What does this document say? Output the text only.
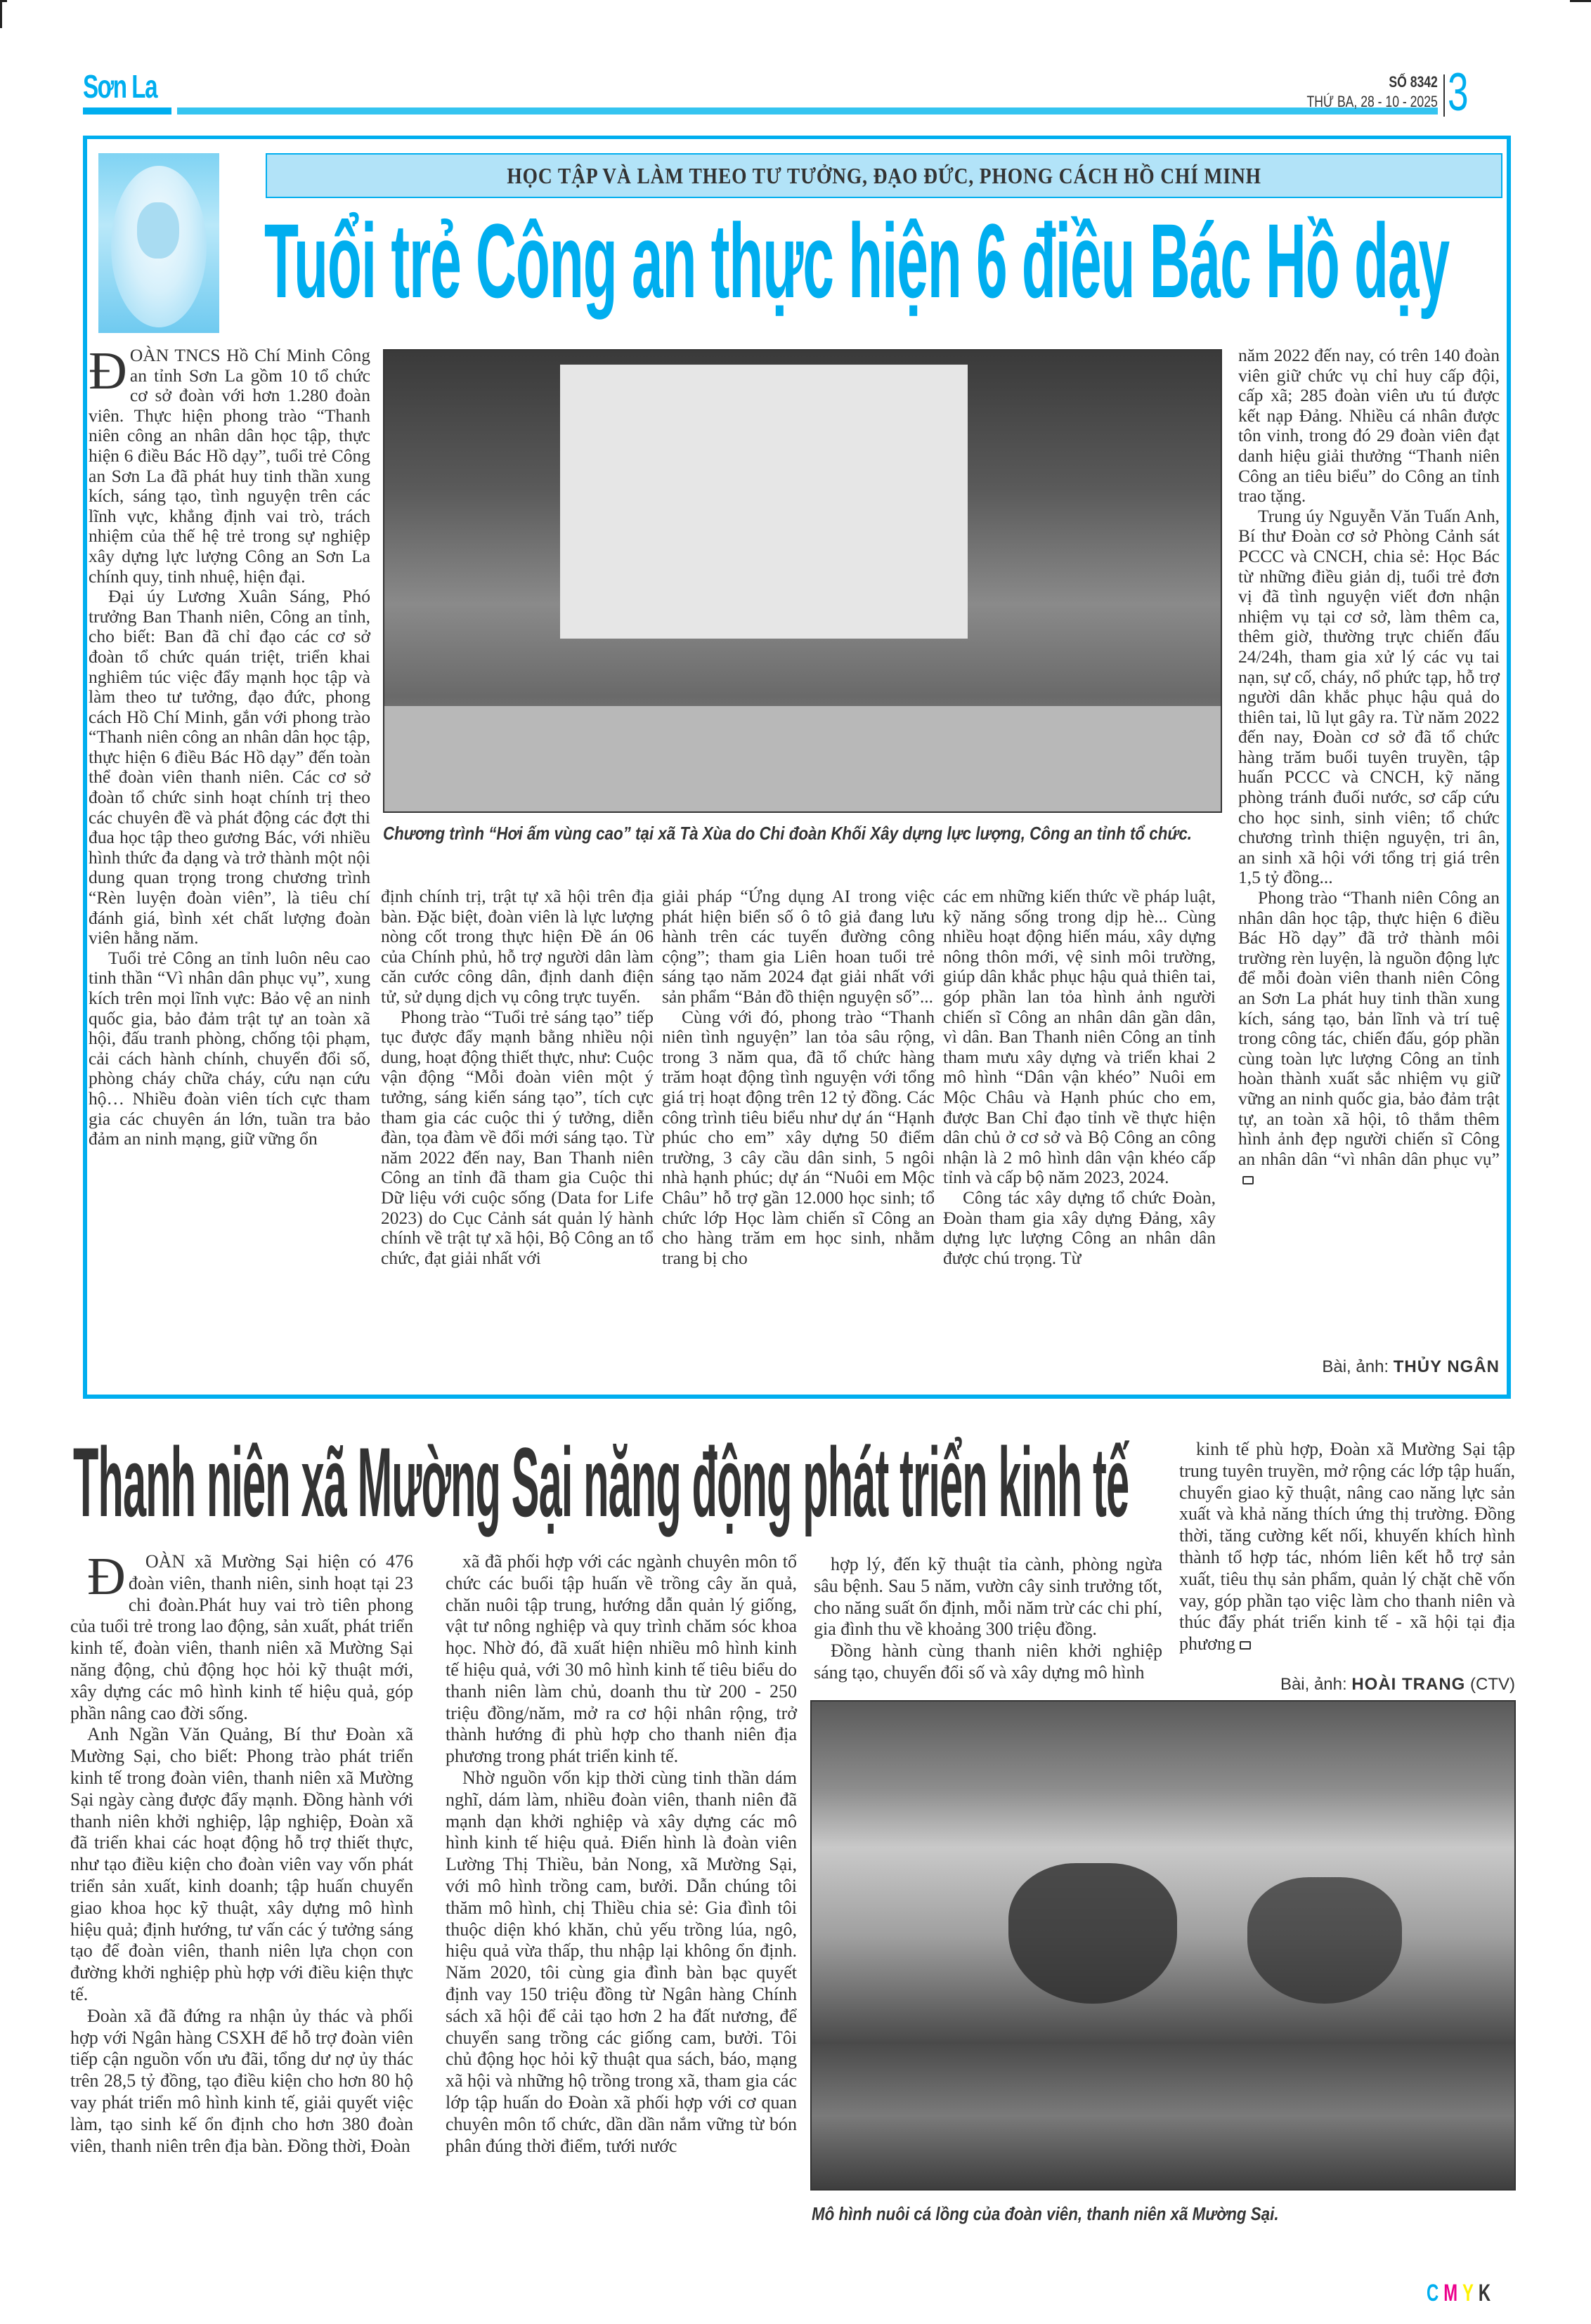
Sơn La	SỐ 8342
THỨ BA, 28 - 10 - 2025 3
HỌC TẬP VÀ LÀM THEO TƯ TƯỞNG, ĐẠO ĐỨC, PHONG CÁCH HỒ CHÍ MINH
Tuổi trẻ Công an thực hiện 6 điều Bác Hồ dạy

ĐOÀN TNCS Hồ Chí Minh Công an tỉnh Sơn La gồm 10 tổ chức cơ sở đoàn với hơn 1.280 đoàn viên. Thực hiện phong trào “Thanh niên công an nhân dân học tập, thực hiện 6 điều Bác Hồ dạy”, tuổi trẻ Công an Sơn La đã phát huy tinh thần xung kích, sáng tạo, tình nguyện trên các lĩnh vực, khẳng định vai trò, trách nhiệm của thế hệ trẻ trong sự nghiệp xây dựng lực lượng Công an Sơn La chính quy, tinh nhuệ, hiện đại.

Đại úy Lương Xuân Sáng, Phó trưởng Ban Thanh niên, Công an tỉnh, cho biết: Ban đã chỉ đạo các cơ sở đoàn tổ chức quán triệt, triển khai nghiêm túc việc đẩy mạnh học tập và làm theo tư tưởng, đạo đức, phong cách Hồ Chí Minh, gắn với phong trào “Thanh niên công an nhân dân học tập, thực hiện 6 điều Bác Hồ dạy” đến toàn thể đoàn viên thanh niên. Các cơ sở đoàn tổ chức sinh hoạt chính trị theo các chuyên đề và phát động các đợt thi đua học tập theo gương Bác, với nhiều hình thức đa dạng và trở thành một nội dung quan trọng trong chương trình “Rèn luyện đoàn viên”, là tiêu chí đánh giá, bình xét chất lượng đoàn viên hằng năm.

Tuổi trẻ Công an tỉnh luôn nêu cao tinh thần “Vì nhân dân phục vụ”, xung kích trên mọi lĩnh vực: Bảo vệ an ninh quốc gia, bảo đảm trật tự an toàn xã hội, đấu tranh phòng, chống tội phạm, cải cách hành chính, chuyển đổi số, phòng cháy chữa cháy, cứu nạn cứu hộ… Nhiều đoàn viên tích cực tham gia các chuyên án lớn, tuần tra bảo đảm an ninh mạng, giữ vững ổn

Chương trình “Hơi ấm vùng cao” tại xã Tà Xùa do Chi đoàn Khối Xây dựng lực lượng, Công an tỉnh tổ chức.

định chính trị, trật tự xã hội trên địa bàn. Đặc biệt, đoàn viên là lực lượng nòng cốt trong thực hiện Đề án 06 của Chính phủ, hỗ trợ người dân làm căn cước công dân, định danh điện tử, sử dụng dịch vụ công trực tuyến.

Phong trào “Tuổi trẻ sáng tạo” tiếp tục được đẩy mạnh bằng nhiều nội dung, hoạt động thiết thực, như: Cuộc vận động “Mỗi đoàn viên một ý tưởng, sáng kiến sáng tạo”, tích cực tham gia các cuộc thi ý tưởng, diễn đàn, tọa đàm về đổi mới sáng tạo. Từ năm 2022 đến nay, Ban Thanh niên Công an tỉnh đã tham gia Cuộc thi Dữ liệu với cuộc sống (Data for Life 2023) do Cục Cảnh sát quản lý hành chính về trật tự xã hội, Bộ Công an tổ chức, đạt giải nhất với

giải pháp “Ứng dụng AI trong việc phát hiện biển số ô tô giả đang lưu hành trên các tuyến đường công cộng”; tham gia Liên hoan tuổi trẻ sáng tạo năm 2024 đạt giải nhất với sản phẩm “Bản đồ thiện nguyện số”...

Cùng với đó, phong trào “Thanh niên tình nguyện” lan tỏa sâu rộng, trong 3 năm qua, đã tổ chức hàng trăm hoạt động tình nguyện với tổng giá trị hoạt động trên 12 tỷ đồng. Các công trình tiêu biểu như dự án “Hạnh phúc cho em” xây dựng 50 điểm trường, 3 cây cầu dân sinh, 5 ngôi nhà hạnh phúc; dự án “Nuôi em Mộc Châu” hỗ trợ gần 12.000 học sinh; tổ chức lớp Học làm chiến sĩ Công an cho hàng trăm em học sinh, nhằm trang bị cho

các em những kiến thức về pháp luật, kỹ năng sống trong dịp hè... Cùng nhiều hoạt động hiến máu, xây dựng nông thôn mới, vệ sinh môi trường, giúp dân khắc phục hậu quả thiên tai, góp phần lan tỏa hình ảnh người chiến sĩ Công an nhân dân gần dân, vì dân. Ban Thanh niên Công an tỉnh tham mưu xây dựng và triển khai 2 mô hình “Dân vận khéo” Nuôi em Mộc Châu và Hạnh phúc cho em, được Ban Chỉ đạo tỉnh về thực hiện dân chủ ở cơ sở và Bộ Công an công nhận là 2 mô hình dân vận khéo cấp tỉnh và cấp bộ năm 2023, 2024.

Công tác xây dựng tổ chức Đoàn, Đoàn tham gia xây dựng Đảng, xây dựng lực lượng Công an nhân dân được chú trọng. Từ

năm 2022 đến nay, có trên 140 đoàn viên giữ chức vụ chỉ huy cấp đội, cấp xã; 285 đoàn viên ưu tú được kết nạp Đảng. Nhiều cá nhân được tôn vinh, trong đó 29 đoàn viên đạt danh hiệu giải thưởng “Thanh niên Công an tiêu biểu” do Công an tỉnh trao tặng.

Trung úy Nguyễn Văn Tuấn Anh, Bí thư Đoàn cơ sở Phòng Cảnh sát PCCC và CNCH, chia sẻ: Học Bác từ những điều giản dị, tuổi trẻ đơn vị đã tình nguyện viết đơn nhận nhiệm vụ tại cơ sở, làm thêm ca, thêm giờ, thường trực chiến đấu 24/24h, tham gia xử lý các vụ tai nạn, sự cố, cháy, nổ phức tạp, hỗ trợ người dân khắc phục hậu quả do thiên tai, lũ lụt gây ra. Từ năm 2022 đến nay, Đoàn cơ sở đã tổ chức hàng trăm buổi tuyên truyền, tập huấn PCCC và CNCH, kỹ năng phòng tránh đuối nước, sơ cấp cứu cho học sinh, sinh viên; tổ chức chương trình thiện nguyện, tri ân, an sinh xã hội với tổng trị giá trên 1,5 tỷ đồng...

Phong trào “Thanh niên Công an nhân dân học tập, thực hiện 6 điều Bác Hồ dạy” đã trở thành môi trường rèn luyện, là nguồn động lực để mỗi đoàn viên thanh niên Công an Sơn La phát huy tinh thần xung kích, sáng tạo, bản lĩnh và trí tuệ trong công tác, chiến đấu, góp phần cùng toàn lực lượng Công an tỉnh hoàn thành xuất sắc nhiệm vụ giữ vững an ninh quốc gia, bảo đảm trật tự, an toàn xã hội, tô thắm thêm hình ảnh đẹp người chiến sĩ Công an nhân dân “vì nhân dân phục vụ”

Bài, ảnh: THỦY NGÂN
Thanh niên xã Mường Sại năng động phát triển kinh tế

Đ OÀN xã Mường Sại hiện có 476 đoàn viên, thanh niên, sinh hoạt tại 23 chi đoàn.Phát huy vai trò tiên phong của tuổi trẻ trong lao động, sản xuất, phát triển kinh tế, đoàn viên, thanh niên xã Mường Sại năng động, chủ động học hỏi kỹ thuật mới, xây dựng các mô hình kinh tế hiệu quả, góp phần nâng cao đời sống.

Anh Ngần Văn Quảng, Bí thư Đoàn xã Mường Sại, cho biết: Phong trào phát triển kinh tế trong đoàn viên, thanh niên xã Mường Sại ngày càng được đẩy mạnh. Đồng hành với thanh niên khởi nghiệp, lập nghiệp, Đoàn xã đã triển khai các hoạt động hỗ trợ thiết thực, như tạo điều kiện cho đoàn viên vay vốn phát triển sản xuất, kinh doanh; tập huấn chuyển giao khoa học kỹ thuật, xây dựng mô hình hiệu quả; định hướng, tư vấn các ý tưởng sáng tạo để đoàn viên, thanh niên lựa chọn con đường khởi nghiệp phù hợp với điều kiện thực tế.

Đoàn xã đã đứng ra nhận ủy thác và phối hợp với Ngân hàng CSXH để hỗ trợ đoàn viên tiếp cận nguồn vốn ưu đãi, tổng dư nợ ủy thác trên 28,5 tỷ đồng, tạo điều kiện cho hơn 80 hộ vay phát triển mô hình kinh tế, giải quyết việc làm, tạo sinh kế ổn định cho hơn 380 đoàn viên, thanh niên trên địa bàn. Đồng thời, Đoàn

xã đã phối hợp với các ngành chuyên môn tổ chức các buổi tập huấn về trồng cây ăn quả, chăn nuôi tập trung, hướng dẫn quản lý giống, vật tư nông nghiệp và quy trình chăm sóc khoa học. Nhờ đó, đã xuất hiện nhiều mô hình kinh tế hiệu quả, với 30 mô hình kinh tế tiêu biểu do thanh niên làm chủ, doanh thu từ 200 - 250 triệu đồng/năm, mở ra cơ hội nhân rộng, trở thành hướng đi phù hợp cho thanh niên địa phương trong phát triển kinh tế.

Nhờ nguồn vốn kịp thời cùng tinh thần dám nghĩ, dám làm, nhiều đoàn viên, thanh niên đã mạnh dạn khởi nghiệp và xây dựng các mô hình kinh tế hiệu quả. Điển hình là đoàn viên Lường Thị Thiều, bản Nong, xã Mường Sại, với mô hình trồng cam, bưởi. Dẫn chúng tôi thăm mô hình, chị Thiều chia sẻ: Gia đình tôi thuộc diện khó khăn, chủ yếu trồng lúa, ngô, hiệu quả vừa thấp, thu nhập lại không ổn định. Năm 2020, tôi cùng gia đình bàn bạc quyết định vay 150 triệu đồng từ Ngân hàng Chính sách xã hội để cải tạo hơn 2 ha đất nương, để chuyển sang trồng các giống cam, bưởi. Tôi chủ động học hỏi kỹ thuật qua sách, báo, mạng xã hội và những hộ trồng trong xã, tham gia các lớp tập huấn do Đoàn xã phối hợp với cơ quan chuyên môn tổ chức, dần dần nắm vững từ bón phân đúng thời điểm, tưới nước

hợp lý, đến kỹ thuật tỉa cành, phòng ngừa sâu bệnh. Sau 5 năm, vườn cây sinh trưởng tốt, cho năng suất ổn định, mỗi năm trừ các chi phí, gia đình thu về khoảng 300 triệu đồng.

Đồng hành cùng thanh niên khởi nghiệp sáng tạo, chuyển đổi số và xây dựng mô hình

kinh tế phù hợp, Đoàn xã Mường Sại tập trung tuyên truyền, mở rộng các lớp tập huấn, chuyển giao kỹ thuật, nâng cao năng lực sản xuất và khả năng thích ứng thị trường. Đồng thời, tăng cường kết nối, khuyến khích hình thành tổ hợp tác, nhóm liên kết hỗ trợ sản xuất, tiêu thụ sản phẩm, quản lý chặt chẽ vốn vay, góp phần tạo việc làm cho thanh niên và thúc đẩy phát triển kinh tế - xã hội tại địa phương

Bài, ảnh: HOÀI TRANG (CTV)
Mô hình nuôi cá lồng của đoàn viên, thanh niên xã Mường Sại.
CMYK
